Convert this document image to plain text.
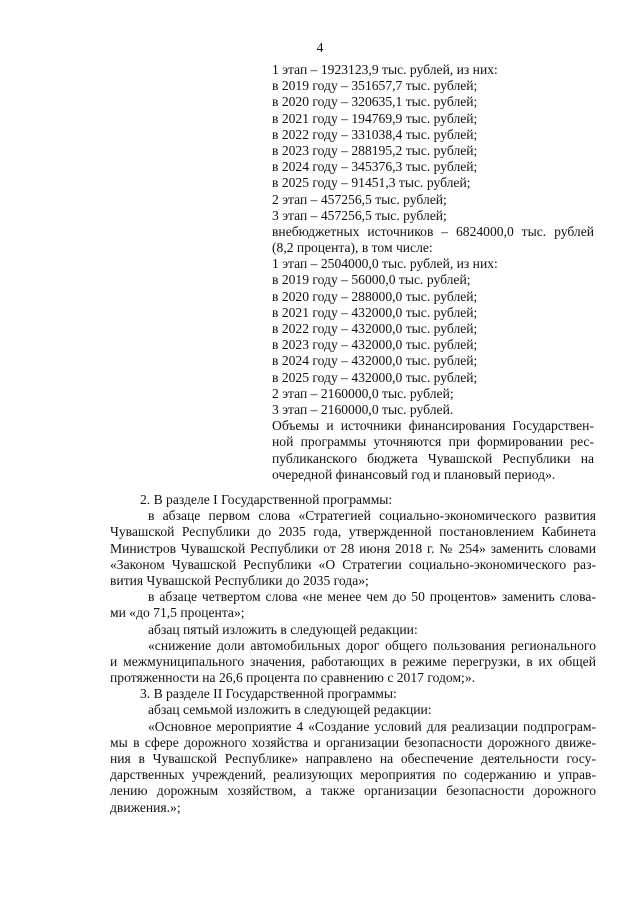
4
1 этап – 1923123,9 тыс. рублей, из них:
в 2019 году – 351657,7 тыс. рублей;
в 2020 году – 320635,1 тыс. рублей;
в 2021 году – 194769,9 тыс. рублей;
в 2022 году – 331038,4 тыс. рублей;
в 2023 году – 288195,2 тыс. рублей;
в 2024 году – 345376,3 тыс. рублей;
в 2025 году – 91451,3 тыс. рублей;
2 этап – 457256,5 тыс. рублей;
3 этап – 457256,5 тыс. рублей;
внебюджетных источников – 6824000,0 тыс. рублей
(8,2 процента), в том числе:
1 этап – 2504000,0 тыс. рублей, из них:
в 2019 году – 56000,0 тыс. рублей;
в 2020 году – 288000,0 тыс. рублей;
в 2021 году – 432000,0 тыс. рублей;
в 2022 году – 432000,0 тыс. рублей;
в 2023 году – 432000,0 тыс. рублей;
в 2024 году – 432000,0 тыс. рублей;
в 2025 году – 432000,0 тыс. рублей;
2 этап – 2160000,0 тыс. рублей;
3 этап – 2160000,0 тыс. рублей.
Объемы и источники финансирования Государствен-
ной программы уточняются при формировании рес-
публиканского бюджета Чувашской Республики на
очередной финансовый год и плановый период».
2. В разделе I Государственной программы:
в абзаце первом слова «Стратегией социально-экономического развития
Чувашской Республики до 2035 года, утвержденной постановлением Кабинета
Министров Чувашской Республики от 28 июня 2018 г. № 254» заменить словами
«Законом Чувашской Республики «О Стратегии социально-экономического раз-
вития Чувашской Республики до 2035 года»;
в абзаце четвертом слова «не менее чем до 50 процентов» заменить слова-
ми «до 71,5 процента»;
абзац пятый изложить в следующей редакции:
«снижение доли автомобильных дорог общего пользования регионального
и межмуниципального значения, работающих в режиме перегрузки, в их общей
протяженности на 26,6 процента по сравнению с 2017 годом;».
3. В разделе II Государственной программы:
абзац семьмой изложить в следующей редакции:
«Основное мероприятие 4 «Создание условий для реализации подпрограм-
мы в сфере дорожного хозяйства и организации безопасности дорожного движе-
ния в Чувашской Республике» направлено на обеспечение деятельности госу-
дарственных учреждений, реализующих мероприятия по содержанию и управ-
лению дорожным хозяйством, а также организации безопасности дорожного
движения.»;
